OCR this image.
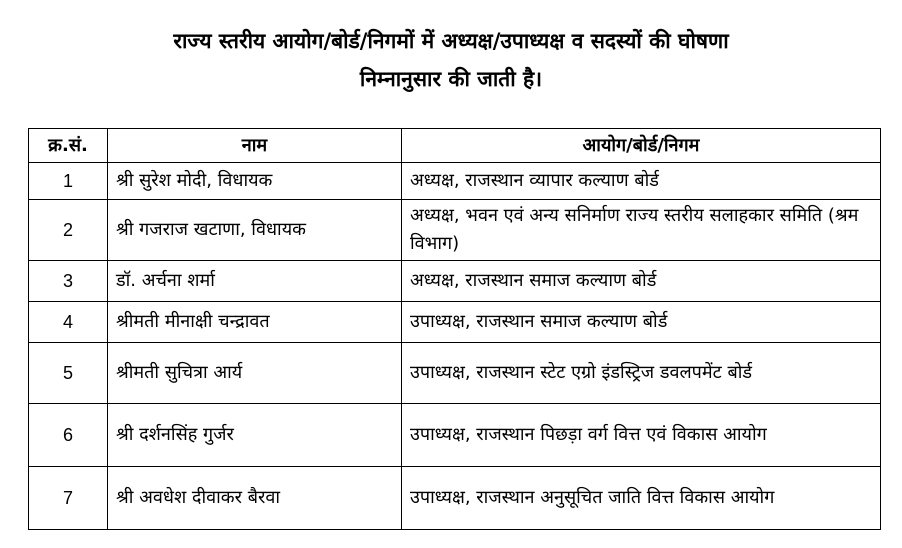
राज्य स्तरीय आयोग/बोर्ड/निगमों में अध्यक्ष/उपाध्यक्ष व सदस्यों की घोषणा
निम्नानुसार की जाती है।
क्र.सं.	नाम	आयोग/बोर्ड/निगम
1	श्री सुरेश मोदी, विधायक	अध्यक्ष, राजस्थान व्यापार कल्याण बोर्ड
2	श्री गजराज खटाणा, विधायक	अध्यक्ष, भवन एवं अन्य सनिर्माण राज्य स्तरीय सलाहकार समिति (श्रम विभाग)
3	डॉ. अर्चना शर्मा	अध्यक्ष, राजस्थान समाज कल्याण बोर्ड
4	श्रीमती मीनाक्षी चन्द्रावत	उपाध्यक्ष, राजस्थान समाज कल्याण बोर्ड
5	श्रीमती सुचित्रा आर्य	उपाध्यक्ष, राजस्थान स्टेट एग्रो इंडस्ट्रिज डवलपमेंट बोर्ड
6	श्री दर्शनसिंह गुर्जर	उपाध्यक्ष, राजस्थान पिछड़ा वर्ग वित्त एवं विकास आयोग
7	श्री अवधेश दीवाकर बैरवा	उपाध्यक्ष, राजस्थान अनुसूचित जाति वित्त विकास आयोग
